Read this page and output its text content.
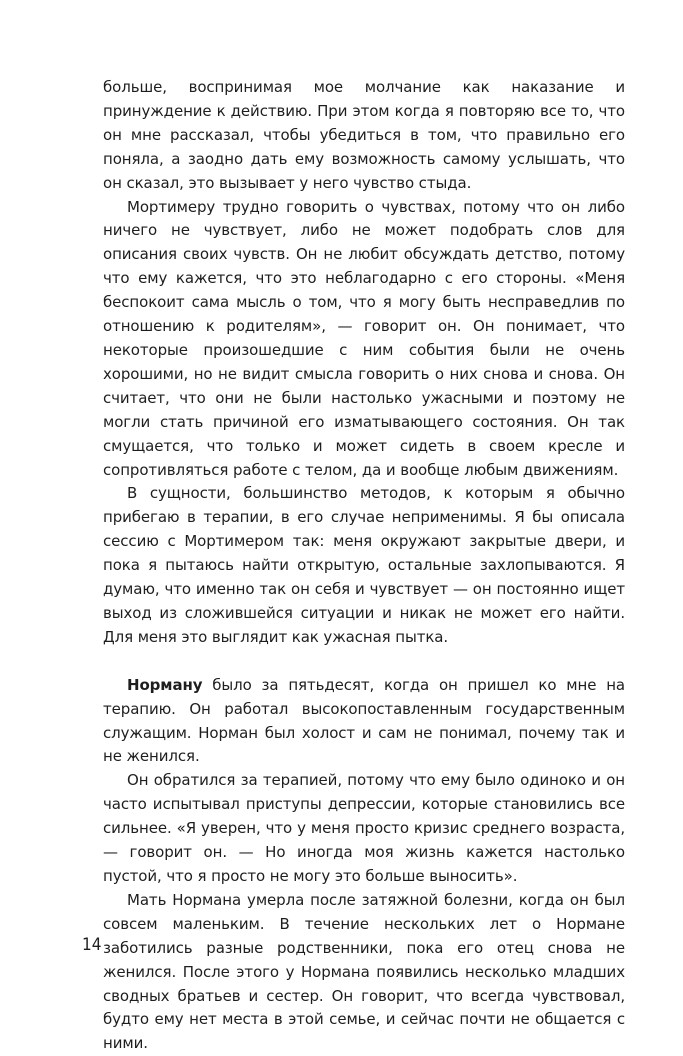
больше, воспринимая мое молчание как наказание и принуждение к действию. При этом когда я повторяю все то, что он мне рассказал, чтобы убедиться в том, что правильно его поняла, а заодно дать ему возможность самому услышать, что он сказал, это вызывает у него чувство стыда.

Мортимеру трудно говорить о чувствах, потому что он либо ничего не чувствует, либо не может подобрать слов для описания своих чувств. Он не любит обсуждать детство, потому что ему кажется, что это неблагодарно с его стороны. «Меня беспокоит сама мысль о том, что я могу быть несправедлив по отношению к родителям», — говорит он. Он понимает, что некоторые произошедшие с ним события были не очень хорошими, но не видит смысла говорить о них снова и снова. Он считает, что они не были настолько ужасными и поэтому не могли стать причиной его изматывающего состояния. Он так смущается, что только и может сидеть в своем кресле и сопротивляться работе с телом, да и вообще любым движениям.

В сущности, большинство методов, к которым я обычно прибегаю в терапии, в его случае неприменимы. Я бы описала сессию с Мортимером так: меня окружают закрытые двери, и пока я пытаюсь найти открытую, остальные захлопываются. Я думаю, что именно так он себя и чувствует — он постоянно ищет выход из сложившейся ситуации и никак не может его найти. Для меня это выглядит как ужасная пытка.

Норману было за пятьдесят, когда он пришел ко мне на терапию. Он работал высокопоставленным государственным служащим. Норман был холост и сам не понимал, почему так и не женился.

Он обратился за терапией, потому что ему было одиноко и он часто испытывал приступы депрессии, которые становились все сильнее. «Я уверен, что у меня просто кризис среднего возраста, — говорит он. — Но иногда моя жизнь кажется настолько пустой, что я просто не могу это больше выносить».

Мать Нормана умерла после затяжной болезни, когда он был совсем маленьким. В течение нескольких лет о Нормане заботились разные родственники, пока его отец снова не женился. После этого у Нормана появились несколько младших сводных братьев и сестер. Он говорит, что всегда чувствовал, будто ему нет места в этой семье, и сейчас почти не общается с ними.

14
